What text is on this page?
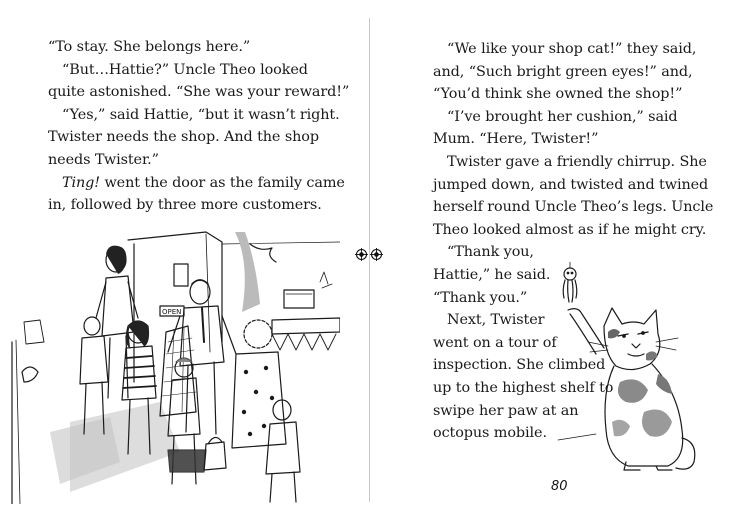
“To stay. She belongs here.”

“But…Hattie?” Uncle Theo looked

quite astonished. “She was your reward!”

“Yes,” said Hattie, “but it wasn’t right.

Twister needs the shop. And the shop

needs Twister.”

Ting! went the door as the family came

in, followed by three more customers.

OPEN

“We like your shop cat!” they said,

and, “Such bright green eyes!” and,

“You’d think she owned the shop!”

“I’ve brought her cushion,” said

Mum. “Here, Twister!”

Twister gave a friendly chirrup. She

jumped down, and twisted and twined

herself round Uncle Theo’s legs. Uncle

Theo looked almost as if he might cry.

“Thank you,

Hattie,” he said.

“Thank you.”

Next, Twister

went on a tour of

inspection. She climbed

up to the highest shelf to

swipe her paw at an

octopus mobile.

80
